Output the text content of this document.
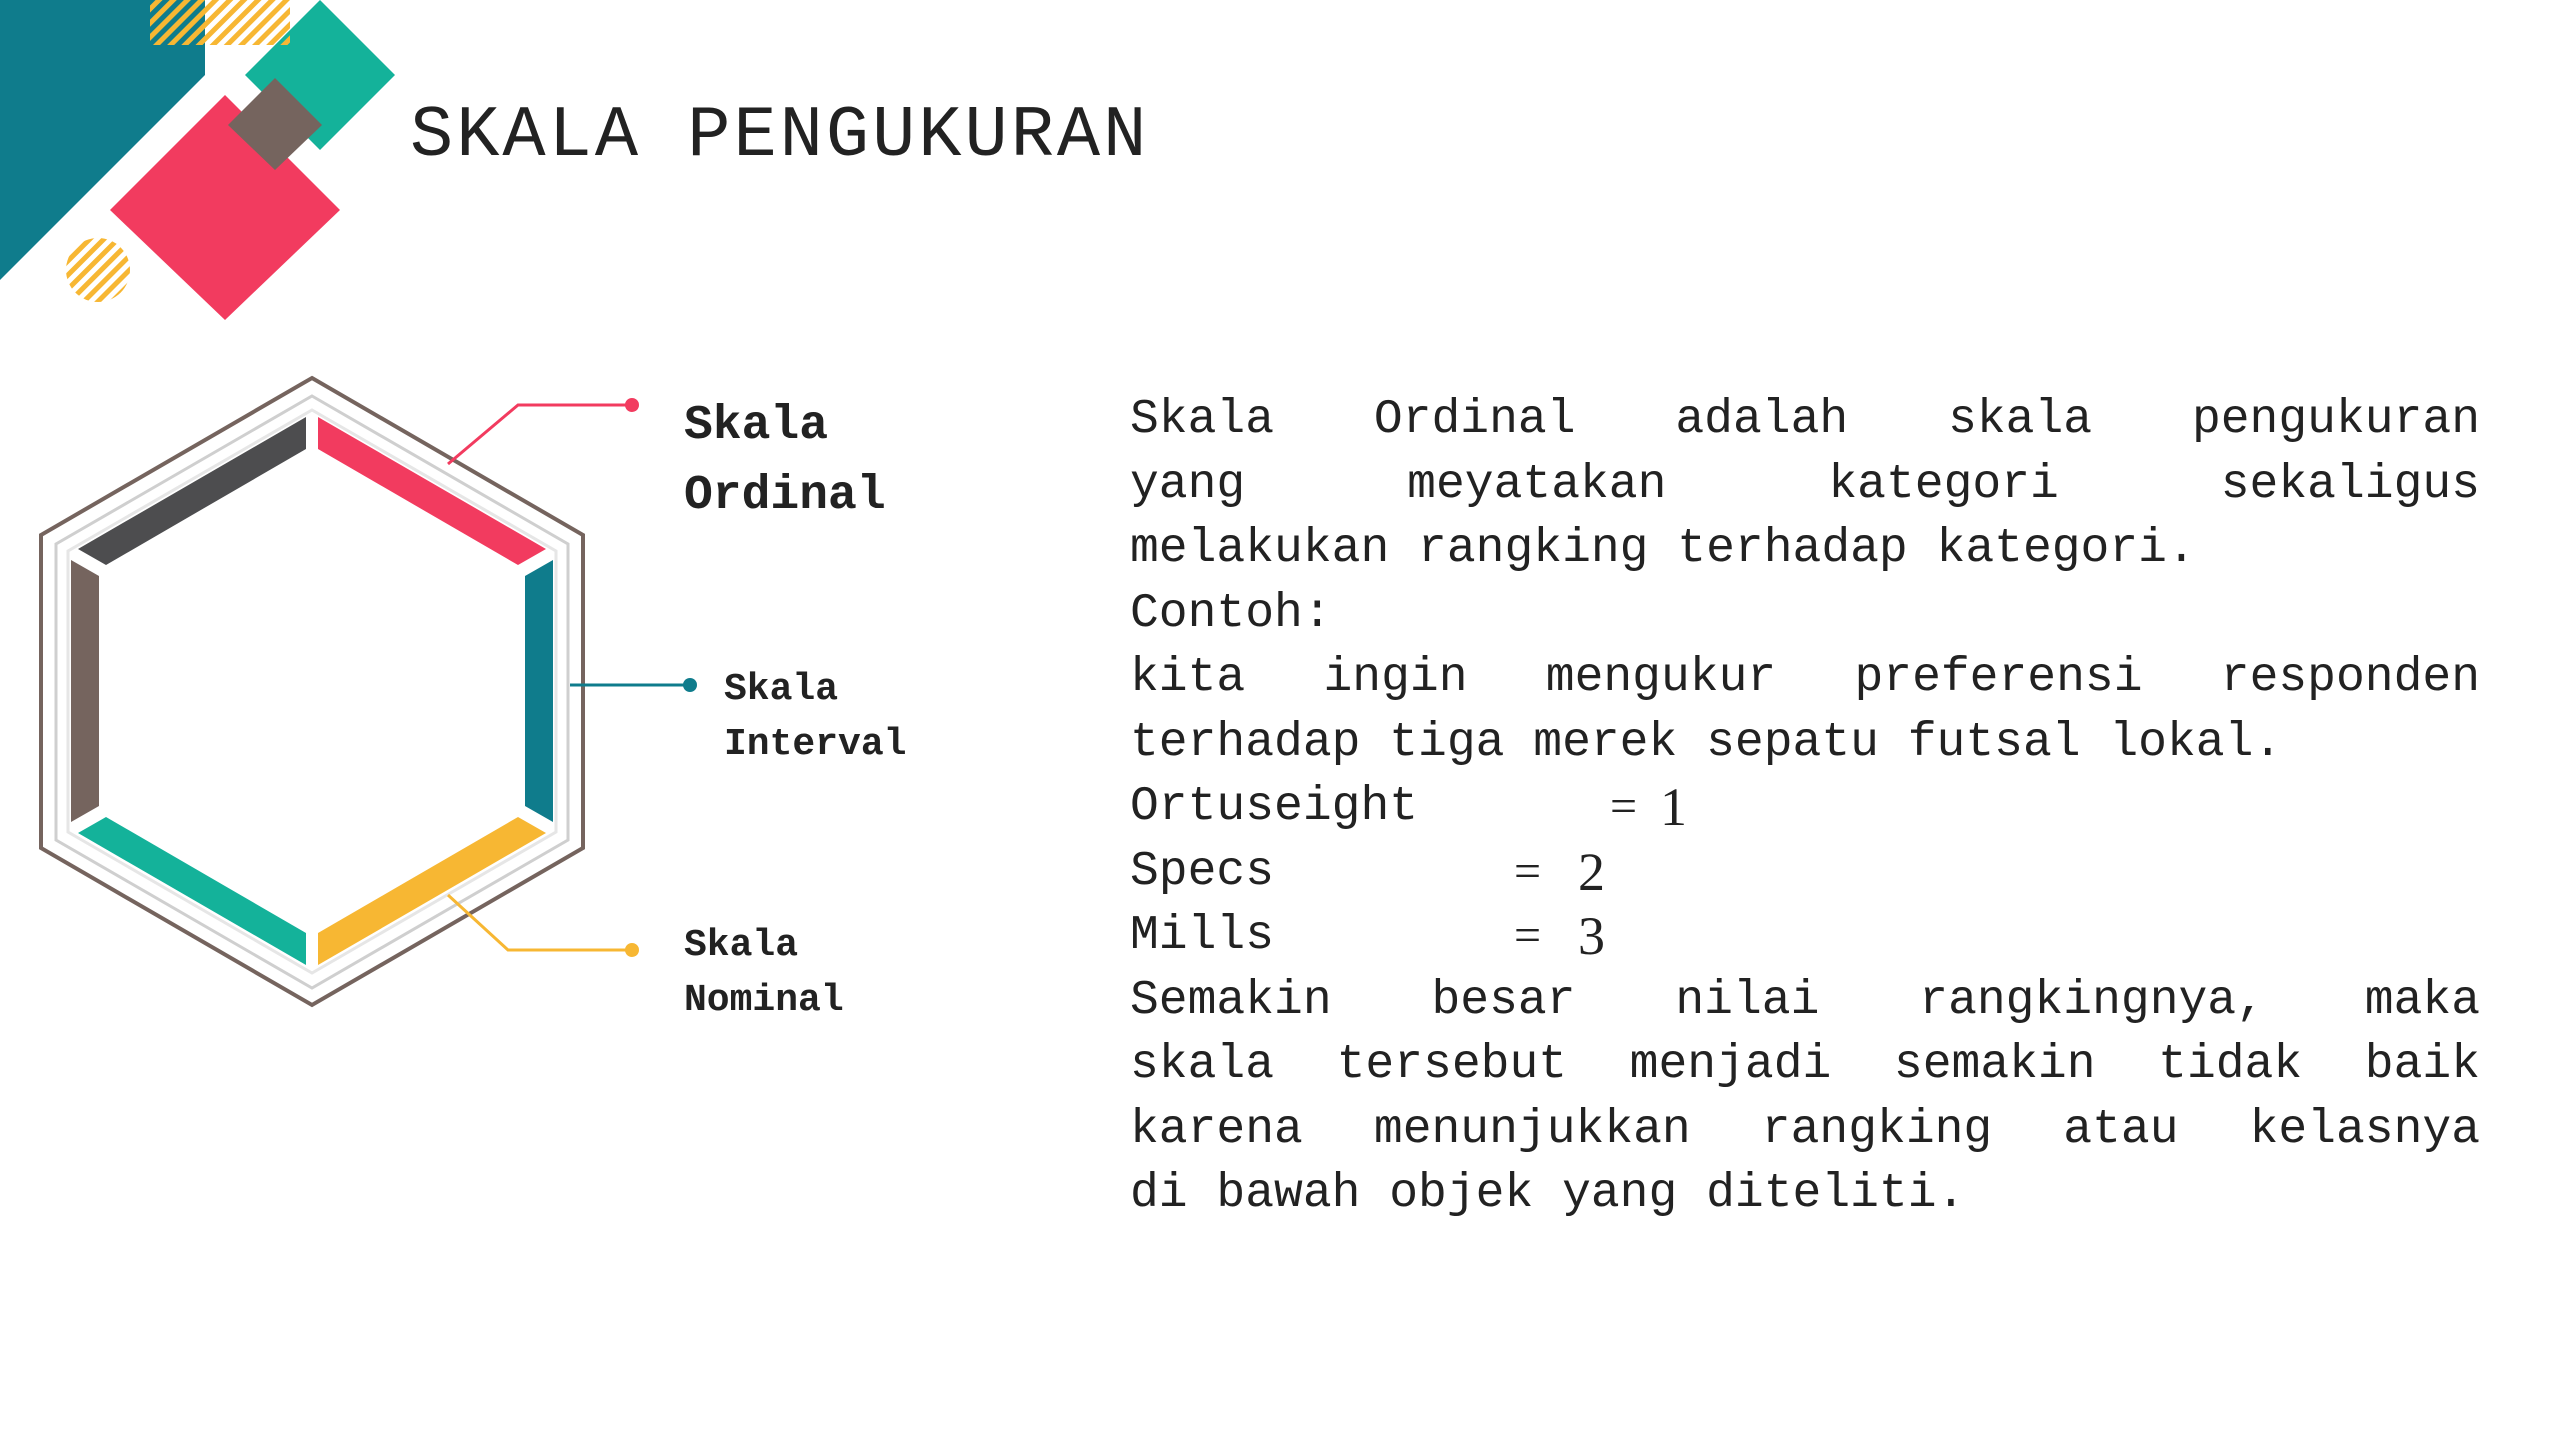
SKALA PENGUKURAN
Skala
Ordinal
Skala
Interval
Skala
Nominal
Skala Ordinal adalah skala pengukuran
yang meyatakan kategori sekaligus
melakukan rangking terhadap kategori.
Contoh:
kita ingin mengukur preferensi responden
terhadap tiga merek sepatu futsal lokal.
Ortuseight	= 1
Specs	= 2
Mills	= 3
Semakin besar nilai rangkingnya, maka
skala tersebut menjadi semakin tidak baik
karena menunjukkan rangking atau kelasnya
di bawah objek yang diteliti.
